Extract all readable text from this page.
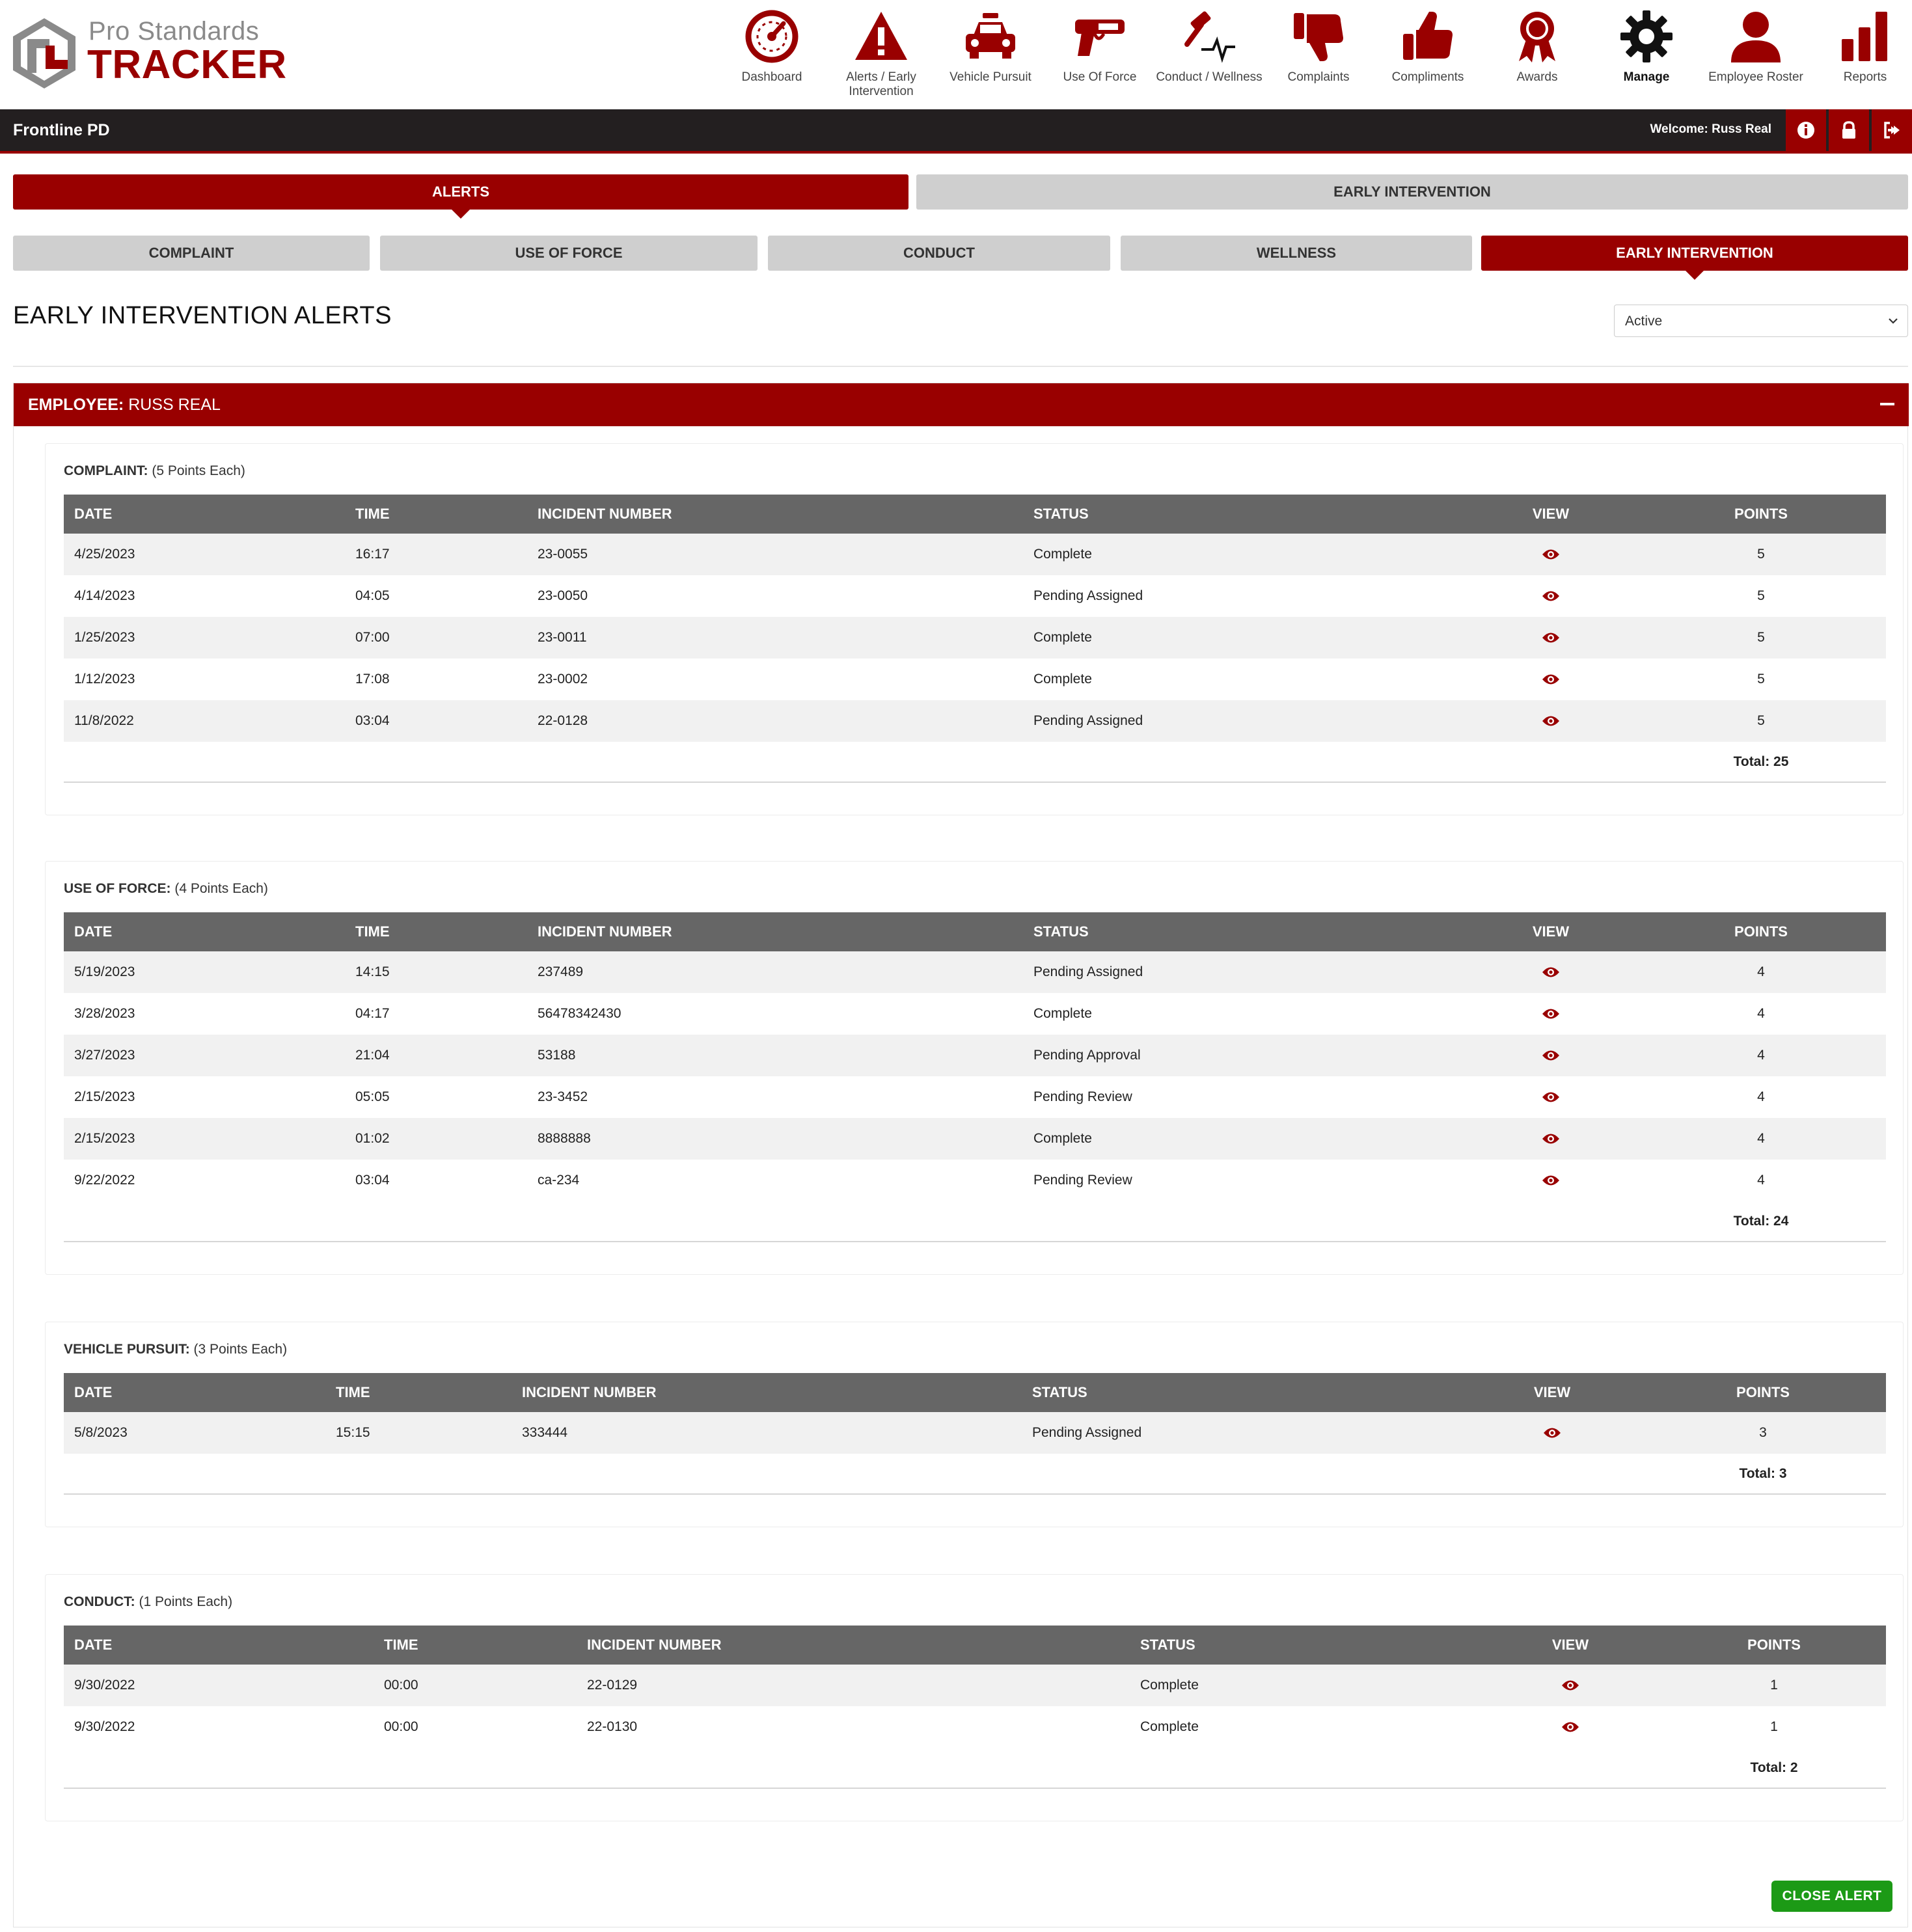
Pro Standards
TRACKER	Dashboard	Alerts / Early Intervention
Vehicle Pursuit	Use Of Force	Conduct / Wellness	Complaints	Compliments	Awards	Manage	Employee Roster	Reports
Frontline PD	Welcome: Russ Real
ALERTS	EARLY INTERVENTION
COMPLAINT	USE OF FORCE	CONDUCT	WELLNESS	EARLY INTERVENTION
EARLY INTERVENTION ALERTS	Active
EMPLOYEE: RUSS REAL
COMPLAINT: (5 Points Each)
DATE	TIME	INCIDENT NUMBER	STATUS	VIEW	POINTS
4/25/2023	16:17	23-0055	Complete		5
4/14/2023	04:05	23-0050	Pending Assigned		5
1/25/2023	07:00	23-0011	Complete		5
1/12/2023	17:08	23-0002	Complete		5
11/8/2022	03:04	22-0128	Pending Assigned		5
					Total: 25
USE OF FORCE: (4 Points Each)
DATE	TIME	INCIDENT NUMBER	STATUS	VIEW	POINTS
5/19/2023	14:15	237489	Pending Assigned		4
3/28/2023	04:17	56478342430	Complete		4
3/27/2023	21:04	53188	Pending Approval		4
2/15/2023	05:05	23-3452	Pending Review		4
2/15/2023	01:02	8888888	Complete		4
9/22/2022	03:04	ca-234	Pending Review		4
					Total: 24
VEHICLE PURSUIT: (3 Points Each)
DATE	TIME	INCIDENT NUMBER	STATUS	VIEW	POINTS
5/8/2023	15:15	333444	Pending Assigned		3
					Total: 3
CONDUCT: (1 Points Each)
DATE	TIME	INCIDENT NUMBER	STATUS	VIEW	POINTS
9/30/2022	00:00	22-0129	Complete		1
9/30/2022	00:00	22-0130	Complete		1
					Total: 2
CLOSE ALERT
